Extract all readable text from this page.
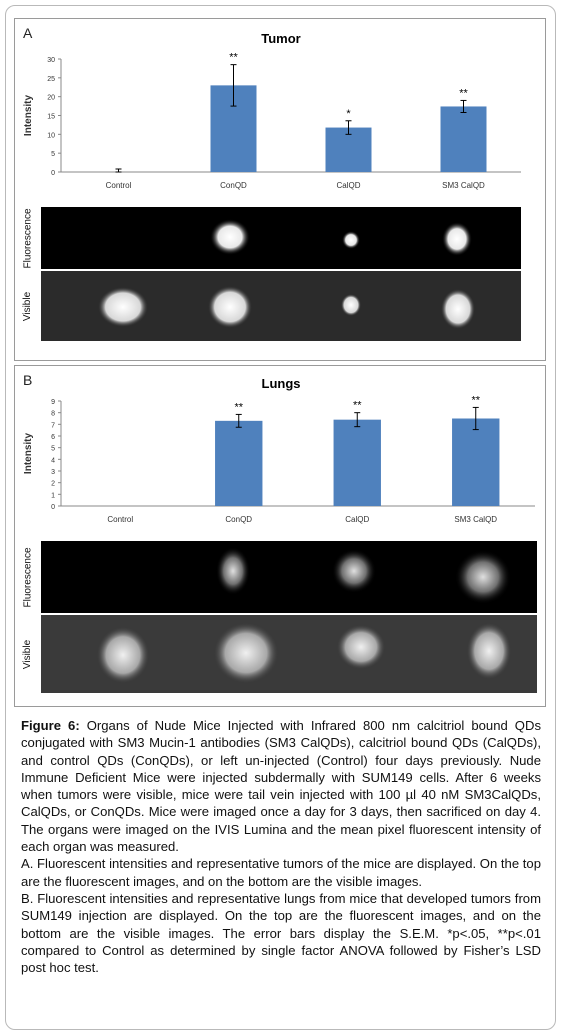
A	Tumor
0
5
10
15
20
25
30
Intensity
Control
**
ConQD
*
CalQD
**
SM3 CalQD
Fluorescence
Visible
B	Lungs
0
1
2
3
4
5
6
7
8
9
Intensity
Control
**
ConQD
**
CalQD
**
SM3 CalQD
Fluorescence
Visible

Figure 6: Organs of Nude Mice Injected with Infrared 800 nm calcitriol bound QDs conjugated with SM3 Mucin-1 antibodies (SM3 CalQDs), calcitriol bound QDs (CalQDs), and control QDs (ConQDs), or left un-injected (Control) four days previously. Nude Immune Deficient Mice were injected subdermally with SUM149 cells. After 6 weeks when tumors were visible, mice were tail vein injected with 100 µl 40 nM SM3CalQDs, CalQDs, or ConQDs. Mice were imaged once a day for 3 days, then sacrificed on day 4. The organs were imaged on the IVIS Lumina and the mean pixel fluorescent intensity of each organ was measured.

A. Fluorescent intensities and representative tumors of the mice are displayed. On the top are the fluorescent images, and on the bottom are the visible images.

B. Fluorescent intensities and representative lungs from mice that developed tumors from SUM149 injection are displayed. On the top are the fluorescent images, and on the bottom are the visible images. The error bars display the S.E.M. *p<.05, **p<.01 compared to Control as determined by single factor ANOVA followed by Fisher’s LSD post hoc test.
